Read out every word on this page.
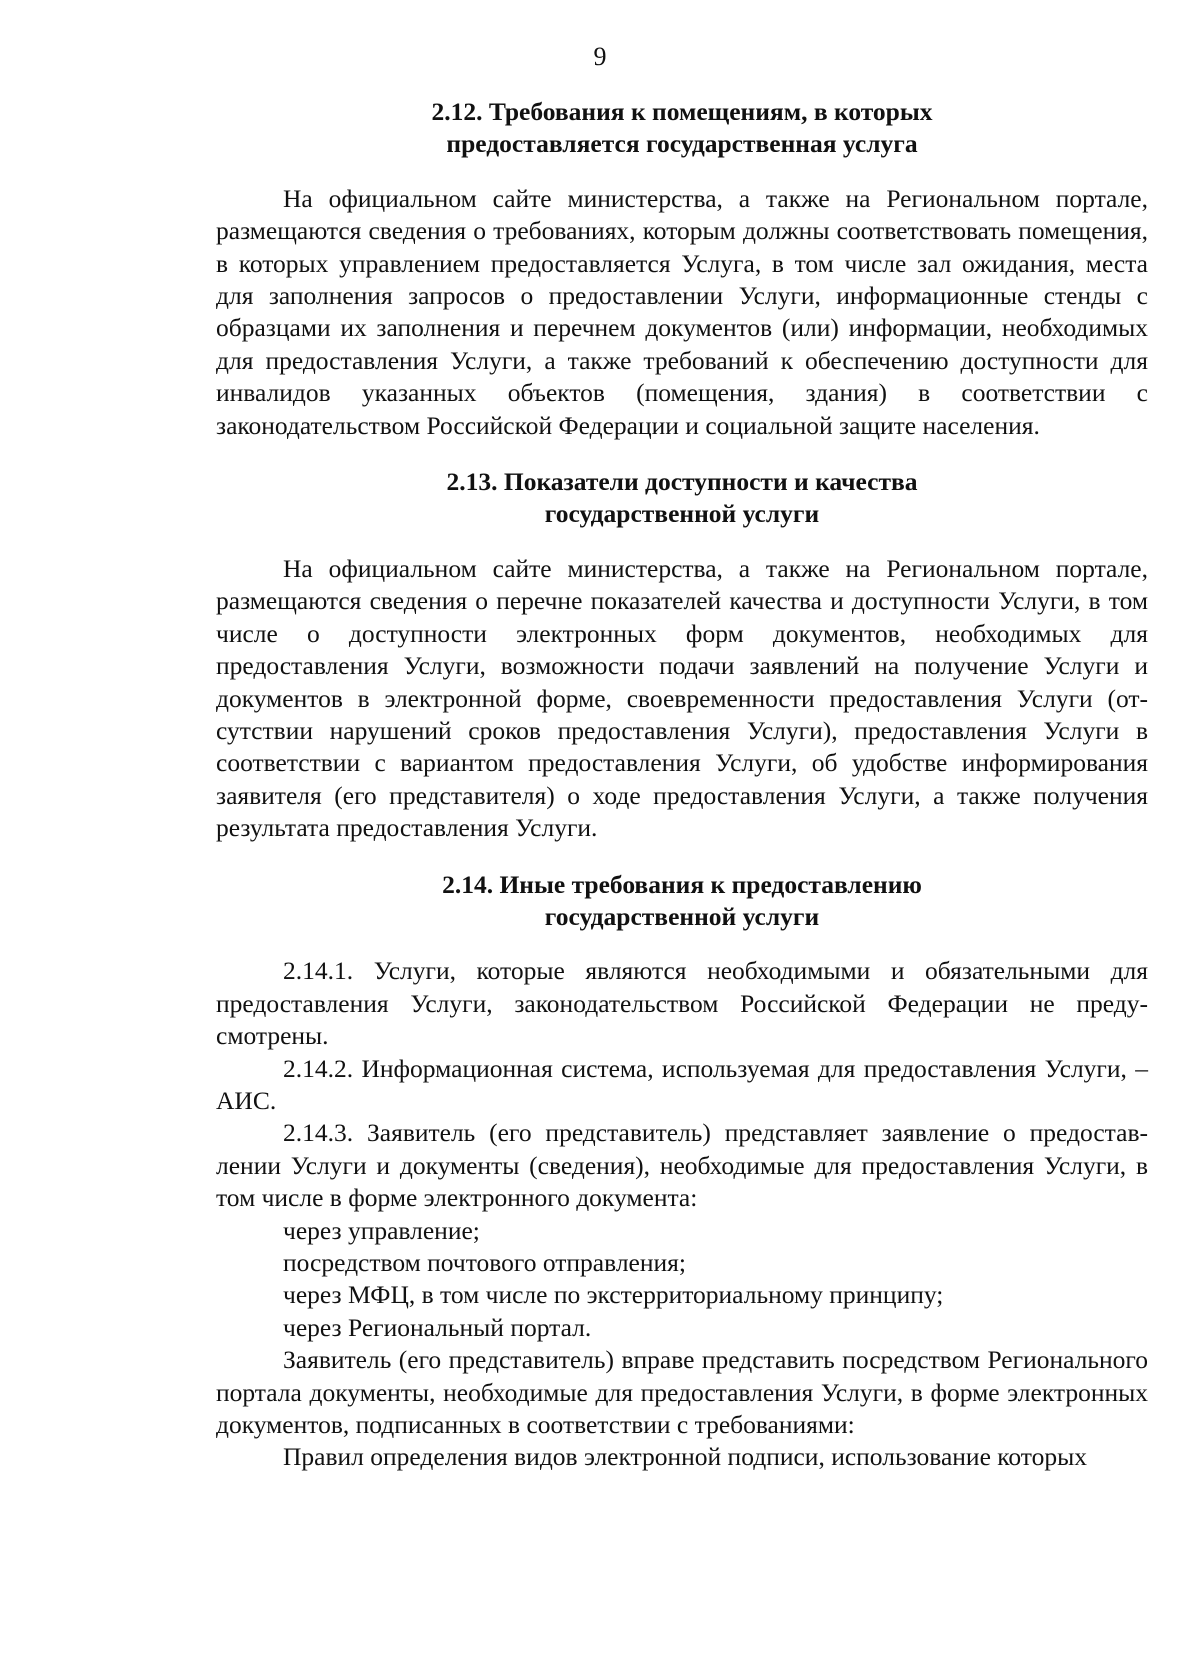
9
2.12. Требования к помещениям, в которых
предоставляется государственная услуга

На официальном сайте министерства, а также на Региональном портале, размещаются сведения о требованиях, которым должны соответствовать помещения, в которых управлением предоставляется Услуга, в том числе зал ожидания, места для заполнения запросов о предоставлении Услуги, информационные стенды с образцами их заполнения и перечнем документов (или) информации, необходимых для предоставления Услуги, а также требований к обеспечению доступности для инвалидов указанных объектов (помещения, здания) в соответствии с законодательством Российской Федерации и социальной защите населения.

2.13. Показатели доступности и качества
государственной услуги

На официальном сайте министерства, а также на Региональном портале, размещаются сведения о перечне показателей качества и доступности Услуги, в том числе о доступности электронных форм документов, необходимых для предоставления Услуги, возможности подачи заявлений на получение Услуги и документов в электронной форме, своевременности предоставления Услуги (отсутствии нарушений сроков предоставления Услуги), предоставления Услуги в соответствии с вариантом предоставления Услуги, об удобстве информирования заявителя (его представителя) о ходе предоставления Услуги, а также получения результата предоставления Услуги.

2.14. Иные требования к предоставлению
государственной услуги

2.14.1. Услуги, которые являются необходимыми и обязательными для предоставления Услуги, законодательством Российской Федерации не предусмотрены.

2.14.2. Информационная система, используемая для предоставления Услуги, – АИС.

2.14.3. Заявитель (его представитель) представляет заявление о предоставлении Услуги и документы (сведения), необходимые для предоставления Услуги, в том числе в форме электронного документа:

через управление;

посредством почтового отправления;

через МФЦ, в том числе по экстерриториальному принципу;

через Региональный портал.

Заявитель (его представитель) вправе представить посредством Регионального портала документы, необходимые для предоставления Услуги, в форме электронных документов, подписанных в соответствии с требованиями:

Правил определения видов электронной подписи, использование которых
